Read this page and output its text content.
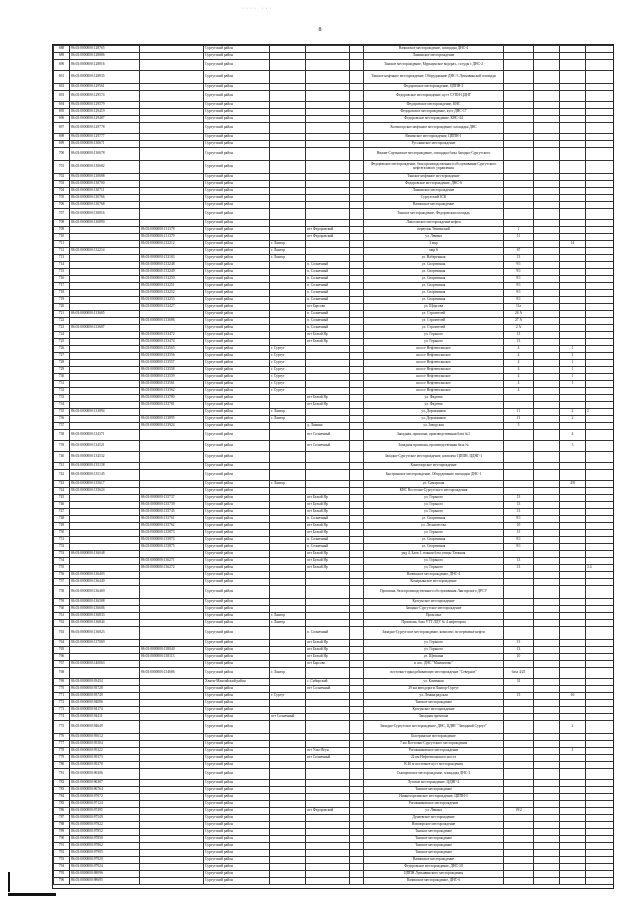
···· ···
8
688	86:03:0000000:128765		Сургутский район				Вачимское месторождение, площадка ДНС-4				
689	86:03:0000000:128886		Сургутский район				Ляминское месторождение				
690	86:03:0000000:128816		Сургутский район				Тянское месторождение, Мурьяунское водораз., сосуды с ДНС-2				
691	86:03:0000000:128835		Сургутский район				Тянское нефтяное месторождение. Оборудование ДНС-3 Лукъявинской площади				
692	86:03:0000000:129561		Сургутский район				Федоровское месторождение, ЦППН-2				
693	86:03:0000000:129574		Сургутский район				Федоровское месторождение, куст СУПН-ЦДНГ				
694	86:03:0000000:129579		Сургутский район				Федоровское месторождение, КНС				
695	86:03:0000000:129419		Сургутский район				Федоровское месторождение, куст ДНС-17				
696	86:03:0000000:129487		Сургутский район				Федоровское месторождение, КНС-44				
697	86:03:0000000:129778		Сургутский район				Холмогорское нефтяное месторождение, площадка ДНС				
698	86:03:0000000:129777		Сургутский район				Вачимское месторождение, ЦППН-1				
699	86:03:0000000:130671		Сургутский район				Русскинское месторождение				
700	86:03:0000000:130678		Сургутский район				Нижне-Сортымское месторождение, площадка базы Западно-Сургутского				
701	86:03:0000000:130682		Сургутский район				Федоровское месторождение, база производственного обслуживания Сургутского нефтегазового управления				
702	86:03:0000000:130688		Сургутский район				Тянское нефтяное месторождение				
703	86:03:0000000:130700		Сургутский район				Федоровское месторождение, ДНС-6				
704	86:03:0000000:130711		Сургутский район				Ляминское месторождение				
705	86:03:0000000:130766		Сургутский район				Сургутский ЗСК				
706	86:03:0000000:130768		Сургутский район				Вачимское месторождение				
707	86:03:0000000:130816		Сургутский район				Тянское месторождение, Федоровская площадь				
708	86:03:0000000:130890		Сургутский район				Локосовское месторождение нефти				
709		86:03:0000000:131378	Сургутский район		пгт Федоровский		переулок Тюменский	1			
710		86:03:0000000:131379	Сургутский район		пгт Федоровский		ул. Ленина	11			
711		86:03:0000000:132212	Сургутский район	г. Лянтор			3 мкр			14	
712	86:03:0000000:132214		Сургутский район	г. Лянтор			мкр 6	67			
713		86:03:0000000:133103	Сургутский район	г. Лянтор			ул. Набережная	13			
714		86:03:0000000:133248	Сургутский район		п. Солнечный		ул. Спортивная	9/1			
715		86:03:0000000:133249	Сургутский район		п. Солнечный		ул. Спортивная	9/1			
716		86:03:0000000:133250	Сургутский район		п. Солнечный		ул. Спортивная	9/1			
717		86:03:0000000:133251	Сургутский район		п. Солнечный		ул. Спортивная	9/1			
718		86:03:0000000:133252	Сургутский район		п. Солнечный		ул. Спортивная	9/1			
719		86:03:0000000:133253	Сургутский район		п. Солнечный		ул. Спортивная	9/1			
720		86:03:0000000:133427	Сургутский район		пгт Барсово		ул. Щорсова	11а			
721	86:03:0000000:133685		Сургутский район		п. Солнечный		ул. Строителей	26 А			
722		86:03:0000000:133686	Сургутский район		п. Солнечный		ул. Строителей	27 А			
723	86:03:0000000:133687		Сургутский район		п. Солнечный		ул. Строителей	2 А			
724		86:03:0000000:133472	Сургутский район		пгт Белый Яр		ул. Горького	13			
725		86:03:0000000:133474	Сургутский район		пгт Белый Яр		ул. Горького	13			
726		86:03:0000000:133565	Сургутский район	г. Сургут			шоссе Нефтеюганское	4		1	
727		86:03:0000000:133556	Сургутский район	г. Сургут			шоссе Нефтеюганское	4		1	
728		86:03:0000000:133557	Сургутский район	г. Сургут			шоссе Нефтеюганское	4		1	
729		86:03:0000000:133558	Сургутский район	г. Сургут			шоссе Нефтеюганское	4		1	
730		86:03:0000000:133559	Сургутский район	г. Сургут			шоссе Нефтеюганское	4		1	
731		86:03:0000000:133561	Сургутский район	г. Сургут			шоссе Нефтеюганское	4		1	
732		86:03:0000000:133562	Сургутский район	г. Сургут			шоссе Нефтеюганское	4			
733		86:03:0000000:133780	Сургутский район		пгт Белый Яр		ул. Фадеева				
734		86:03:0000000:133781	Сургутский район		пгт Белый Яр		ул. Фадеева				
735	86:03:0000000:133894		Сургутский район	г. Лянтор			ул. Дорожников	11		2	2
736		86:03:0000000:133895	Сургутский район	г. Лянтор			ул. Дорожников	11		2	
737		86:03:0000000:133924	Сургутский район		д. Лямина		ул. Заводская	5			
738	86:03:0000000:134371		Сургутский район		пгт Солнечный		Западная, промзона, производственная база №1			4	
739	86:03:0000000:134521		Сургутский район		пгт Солнечный		Западная промзона, производственная база №			3	
740	86:03:0000000:134532		Сургутский район				Западно-Сургутское месторождение, комплекс ЦППН, ЦДНГ-1				
741	86:03:0000000:135138		Сургутский район				Конитлорское месторождение				
742	86:03:0000000:135145		Сургутский район				Быстринское месторождение. Оборудование площадки ДНС-1				
743	86:03:0000000:135617		Сургутский район	г. Лянтор			ул. Самарская			4/8	
744	86:03:0000000:135624		Сургутский район				КНС Восточно-Сургутского месторождения				
745		86:03:0000000:135737	Сургутский район		пгт Белый Яр		ул. Горького	13			
746		86:03:0000000:135739	Сургутский район		пгт Белый Яр		ул. Горького	13			
747		86:03:0000000:135745	Сургутский район		пгт Белый Яр		ул. Горького	13			
748		86:03:0000000:135761	Сургутский район		п. Солнечный		ул. Спортивная	9/1			
749		86:03:0000000:135762	Сургутский район		пгт Белый Яр		ул. Лесничества	10			
750		86:03:0000000:135873	Сургутский район		пгт Белый Яр		ул. Горького	13			
751		86:03:0000000:135874	Сургутский район		п. Солнечный		ул. Спортивная	9/1			
752		86:03:0000000:135875	Сургутский район		п. Солнечный		ул. Спортивная	9/1			
753	86:03:0000000:136048		Сургутский район		пгт Белый Яр		ряд 4, Блок 1, южная база улицы Таежная				
754		86:03:0000000:136271	Сургутский район		пгт Белый Яр		ул. Горького	13			
755		86:03:0000000:136272	Сургутский район		пгт Белый Яр		ул. Горького	13			3.4
756	86:03:0000000:136403		Сургутский район				Вачимское месторождение, ДНС-4				
757	86:03:0000000:136440		Сургутский район				Комарьинское месторождение				
758	86:03:0000000:136469		Сургутский район				Промзона, база производственного обслуживания Лянторского ДРСУ				
759	86:03:0000000:136588		Сургутский район				Кулгунское месторождение				
760	86:03:0000000:136606		Сургутский район				Западно-Сургутское месторождение				
761	86:03:0000000:136833		Сургутский район	г. Лянтор			Промзона				
762	86:03:0000000:136844		Сургутский район	г. Лянтор			Промзона, база УТТ ЛДУ № 4 нефтепром				
763	86:03:0000000:136823		Сургутский район		п. Солнечный		Западно-Сургутское месторождение, комплекс по перекачке нефти				
764	86:03:0000000:137069		Сургутский район		пгт Белый Яр		ул. Горького	13			
765		86:03:0000000:138040	Сургутский район		пгт Белый Яр		ул. Горького	13			
766		86:03:0000000:138113	Сургутский район		пгт Белый Яр		ул. Щепкина	10			
767	86:03:0000000:140063		Сургутский район		пгт Барсово		в пос. ДНС "Мамонтово"				
768		86:03:0000000:154686	Сургутский район	г. Лянтор			восточно-горнодобывающее месторождение "Северное"	база 4/25			
769	86:03:0000000:93454		Ханты-Мансийский район		с. Сибирский		ул. Каменная	31			
770	86:03:0000000:93728		Сургутский район		пгт Солнечный		29 км автодороги Лянтор-Сургут				
771	86:03:0000000:93749		Сургутский район	г. Сургут			ул. Ленинградская	13		16	
772	86:03:0000000:94086		Сургутский район				Тянское месторождение				
773	86:03:0000000:94174		Сургутский район				Кулгунское месторождение				
774	86:03:0000000:94411		Сургутский район	пгт Солнечный			Западная промзона				
775	86:03:0000000:94649		Сургутский район				Западно-Сургутское месторождение, ДНС, ЦДНГ "Западный Сургут"			2	
776	86:03:0000000:95012		Сургутский район				Быстринское месторождение				
777	86:03:0000000:95304		Сургутский район				7 км Восточно-Сургутского месторождения				
778	86:03:0000000:95322		Сургутский район		пгт Ульт-Ягун		Рогожниковское месторождение			1	
779	86:03:0000000:95373		Сургутский район		пгт Солнечный		22 км Нефтеюганского шоссе				
780	86:03:0000000:95378		Сургутский район				В 40 м восточнее куст месторождения				
781	86:03:0000000:96306		Сургутский район				Сыморовское месторождение, площадка ДНС-2				
782	86:03:0000000:96387		Сургутский район				Луговое месторождение, ЦДНГ-2				
783	86:03:0000000:96764		Сургутский район				Тянское месторождение				
784	86:03:0000000:97072		Сургутский район				Нижнесортымское месторождение, ЦППН-3				
785	86:03:0000000:97124		Сургутский район				Рогожниковское месторождение				
786	86:03:0000000:97495		Сургутский район		пгт Федоровский		ул. Ленина	19/2			
787	86:03:0000000:97549		Сургутский район				Дунаевское месторождение				
788	86:03:0000000:97822		Сургутский район				Новоюрское месторождение				
789	86:03:0000000:97852		Сургутский район				Тянское месторождение				
790	86:03:0000000:97858		Сургутский район				Тянское месторождение				
791	86:03:0000000:97862		Сургутский район				Тянское месторождение				
792	86:03:0000000:97905		Сургутский район				Тянское месторождение				
793	86:03:0000000:97920		Сургутский район				Вачимское месторождение				
794	86:03:0000000:97924		Сургутский район				Федоровское месторождение, ДНС-10				
795	86:03:0000000:98096		Сургутский район				ЦППН Лукъявинского месторождения				
796	86:03:0000000:98685		Сургутский район				Вачимское месторождение, ДНС-6				
